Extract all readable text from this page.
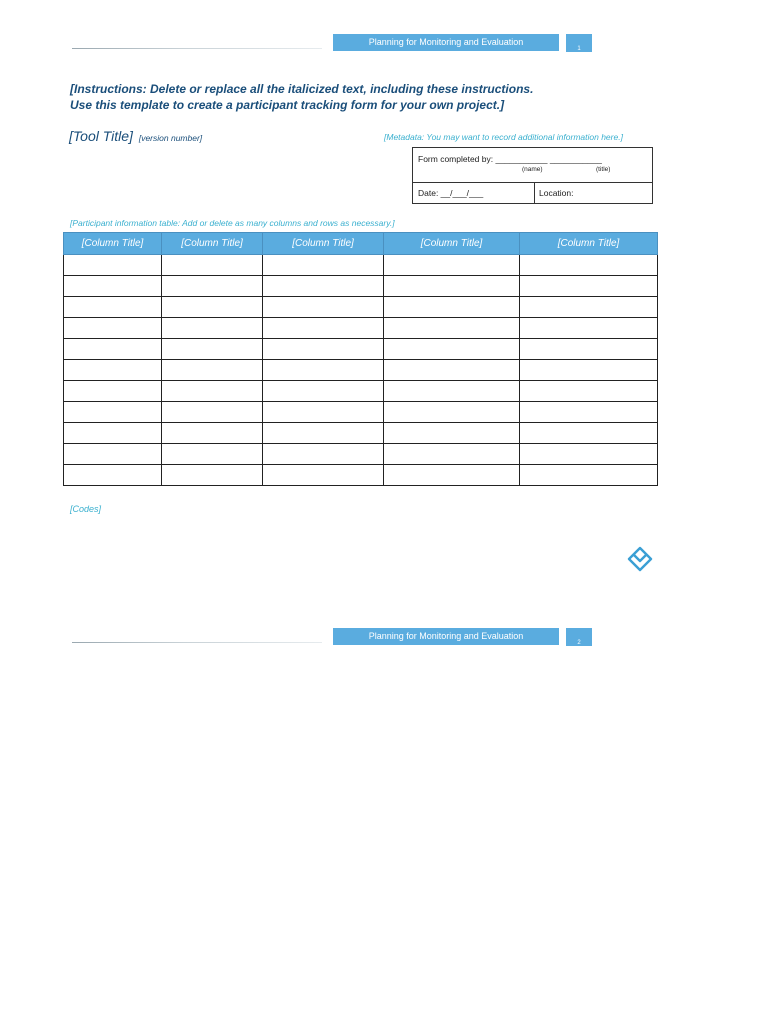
Planning for Monitoring and Evaluation
1
[Instructions: Delete or replace all the italicized text, including these instructions.
Use this template to create a participant tracking form for your own project.]
[Tool Title] [version number]	[Metadata: You may want to record additional information here.]
Form completed by: ___________ ___________
(name)	(title)
Date: __/___/___	Location:
[Participant information table: Add or delete as many columns and rows as necessary.]
[Column Title]	[Column Title]	[Column Title]	[Column Title]	[Column Title]

[Codes]
Planning for Monitoring and Evaluation
2
